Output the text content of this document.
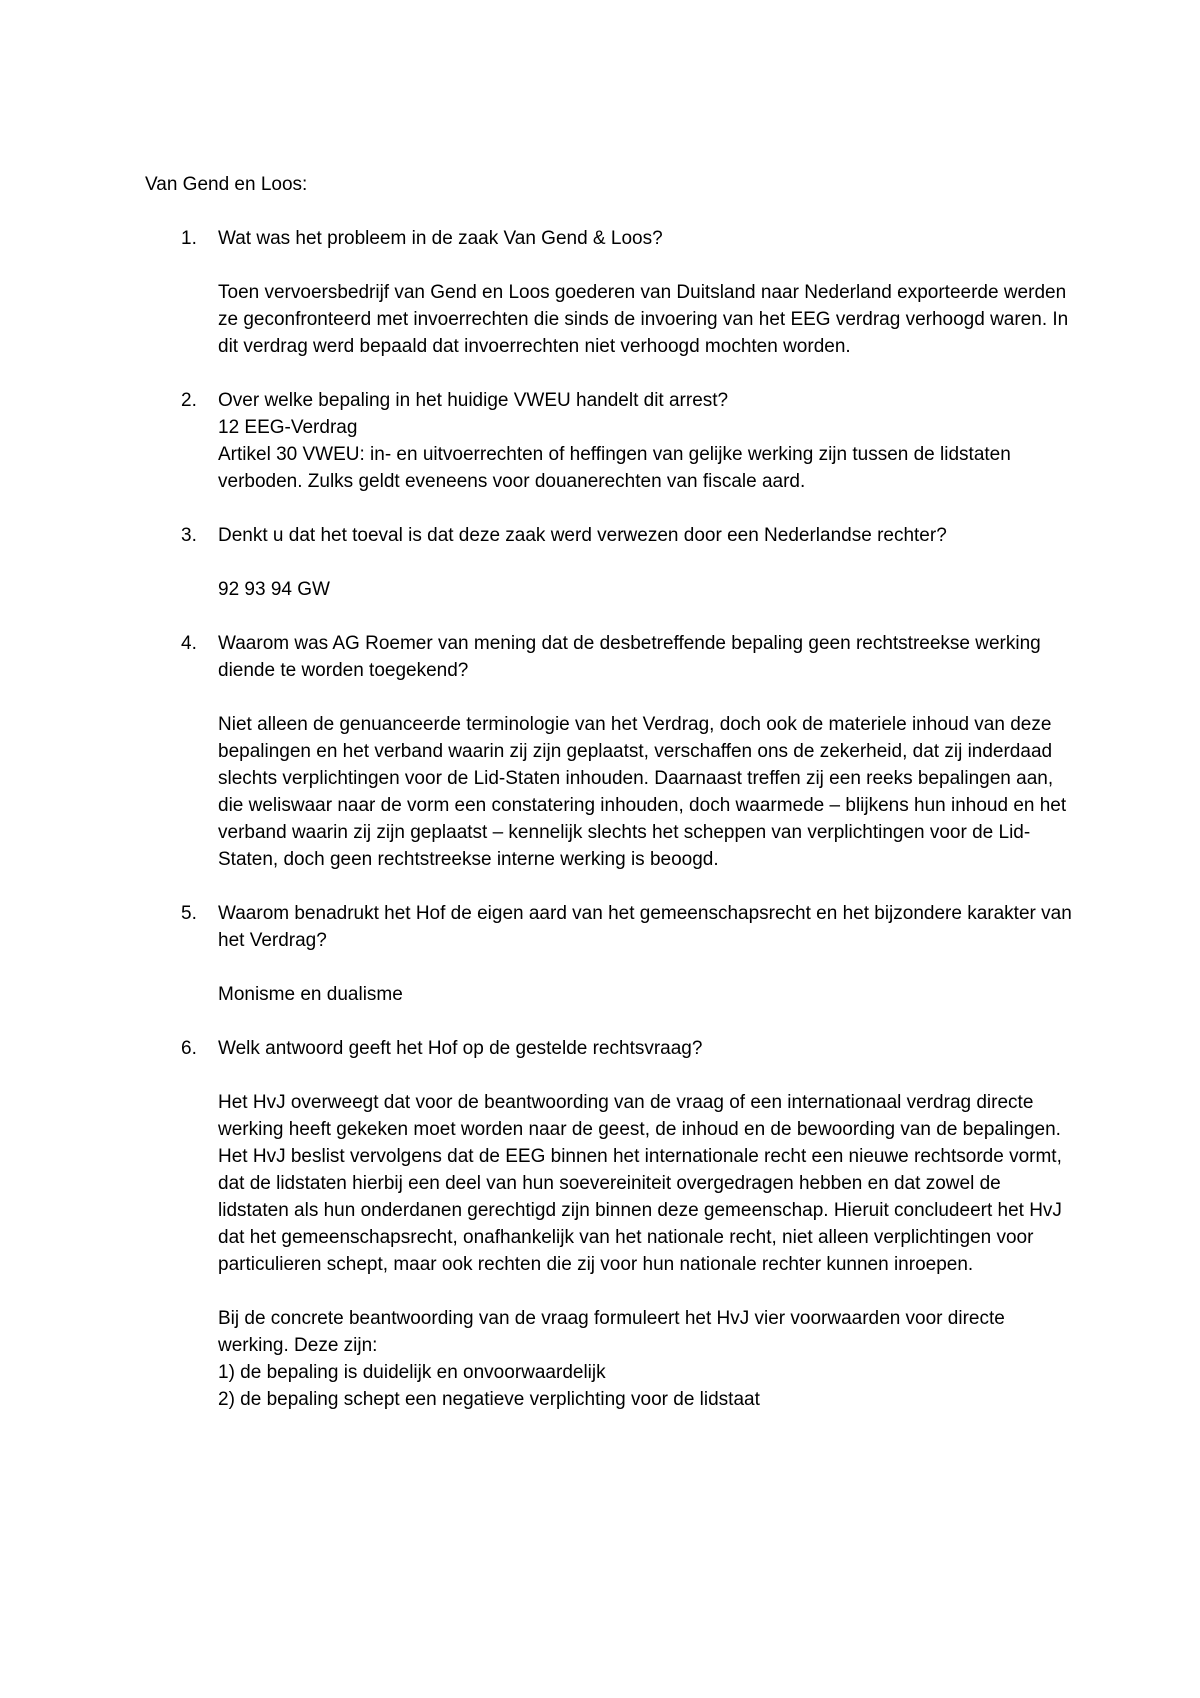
Van Gend en Loos:

1. Wat was het probleem in de zaak Van Gend & Loos?

Toen vervoersbedrijf van Gend en Loos goederen van Duitsland naar Nederland exporteerde werden ze geconfronteerd met invoerrechten die sinds de invoering van het EEG verdrag verhoogd waren. In dit verdrag werd bepaald dat invoerrechten niet verhoogd mochten worden.

2. Over welke bepaling in het huidige VWEU handelt dit arrest?
12 EEG-Verdrag
Artikel 30 VWEU: in- en uitvoerrechten of heffingen van gelijke werking zijn tussen de lidstaten verboden. Zulks geldt eveneens voor douanerechten van fiscale aard.
3. Denkt u dat het toeval is dat deze zaak werd verwezen door een Nederlandse rechter?

92 93 94 GW

4. Waarom was AG Roemer van mening dat de desbetreffende bepaling geen rechtstreekse werking diende te worden toegekend?

Niet alleen de genuanceerde terminologie van het Verdrag, doch ook de materiele inhoud van deze bepalingen en het verband waarin zij zijn geplaatst, verschaffen ons de zekerheid, dat zij inderdaad slechts verplichtingen voor de Lid-Staten inhouden. Daarnaast treffen zij een reeks bepalingen aan, die weliswaar naar de vorm een constatering inhouden, doch waarmede – blijkens hun inhoud en het verband waarin zij zijn geplaatst – kennelijk slechts het scheppen van verplichtingen voor de Lid-Staten, doch geen rechtstreekse interne werking is beoogd.

5. Waarom benadrukt het Hof de eigen aard van het gemeenschapsrecht en het bijzondere karakter van het Verdrag?

Monisme en dualisme

6. Welk antwoord geeft het Hof op de gestelde rechtsvraag?

Het HvJ overweegt dat voor de beantwoording van de vraag of een internationaal verdrag directe werking heeft gekeken moet worden naar de geest, de inhoud en de bewoording van de bepalingen. Het HvJ beslist vervolgens dat de EEG binnen het internationale recht een nieuwe rechtsorde vormt, dat de lidstaten hierbij een deel van hun soevereiniteit overgedragen hebben en dat zowel de lidstaten als hun onderdanen gerechtigd zijn binnen deze gemeenschap. Hieruit concludeert het HvJ dat het gemeenschapsrecht, onafhankelijk van het nationale recht, niet alleen verplichtingen voor particulieren schept, maar ook rechten die zij voor hun nationale rechter kunnen inroepen.

Bij de concrete beantwoording van de vraag formuleert het HvJ vier voorwaarden voor directe werking. Deze zijn:

1) de bepaling is duidelijk en onvoorwaardelijk
2) de bepaling schept een negatieve verplichting voor de lidstaat
